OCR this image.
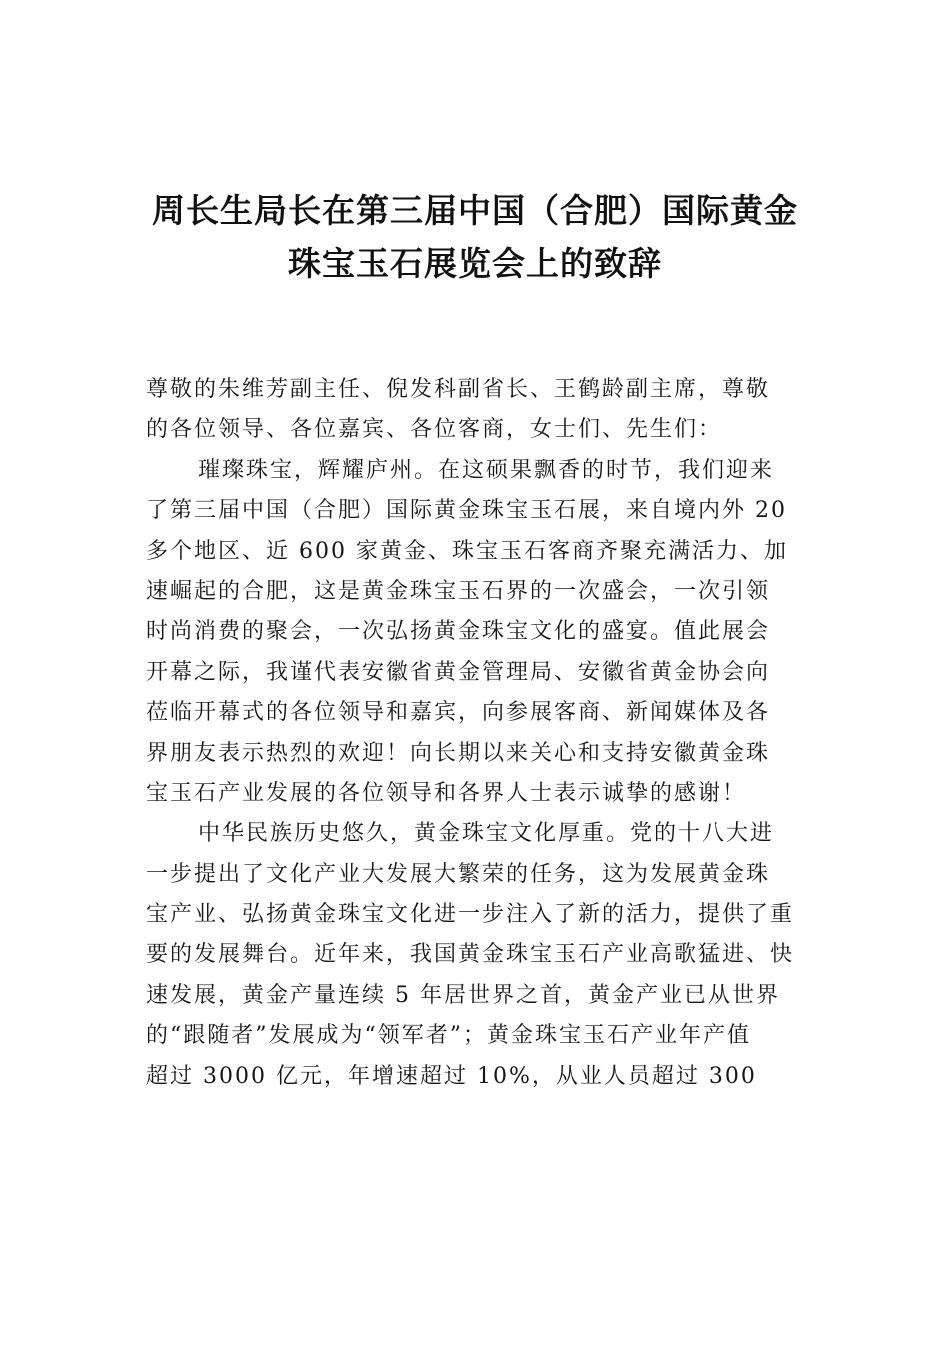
周长生局长在第三届中国（合肥）国际黄金
珠宝玉石展览会上的致辞
尊敬的朱维芳副主任、倪发科副省长、王鹤龄副主席，尊敬
的各位领导、各位嘉宾、各位客商，女士们、先生们：
璀璨珠宝，辉耀庐州。在这硕果飘香的时节，我们迎来
了第三届中国（合肥）国际黄金珠宝玉石展，来自境内外 20
多个地区、近 600 家黄金、珠宝玉石客商齐聚充满活力、加
速崛起的合肥，这是黄金珠宝玉石界的一次盛会，一次引领
时尚消费的聚会，一次弘扬黄金珠宝文化的盛宴。值此展会
开幕之际，我谨代表安徽省黄金管理局、安徽省黄金协会向
莅临开幕式的各位领导和嘉宾，向参展客商、新闻媒体及各
界朋友表示热烈的欢迎！向长期以来关心和支持安徽黄金珠
宝玉石产业发展的各位领导和各界人士表示诚挚的感谢！
中华民族历史悠久，黄金珠宝文化厚重。党的十八大进
一步提出了文化产业大发展大繁荣的任务，这为发展黄金珠
宝产业、弘扬黄金珠宝文化进一步注入了新的活力，提供了重
要的发展舞台。近年来，我国黄金珠宝玉石产业高歌猛进、快
速发展，黄金产量连续 5 年居世界之首，黄金产业已从世界
的“跟随者”发展成为“领军者”；黄金珠宝玉石产业年产值
超过 3000 亿元，年增速超过 10%，从业人员超过 300
